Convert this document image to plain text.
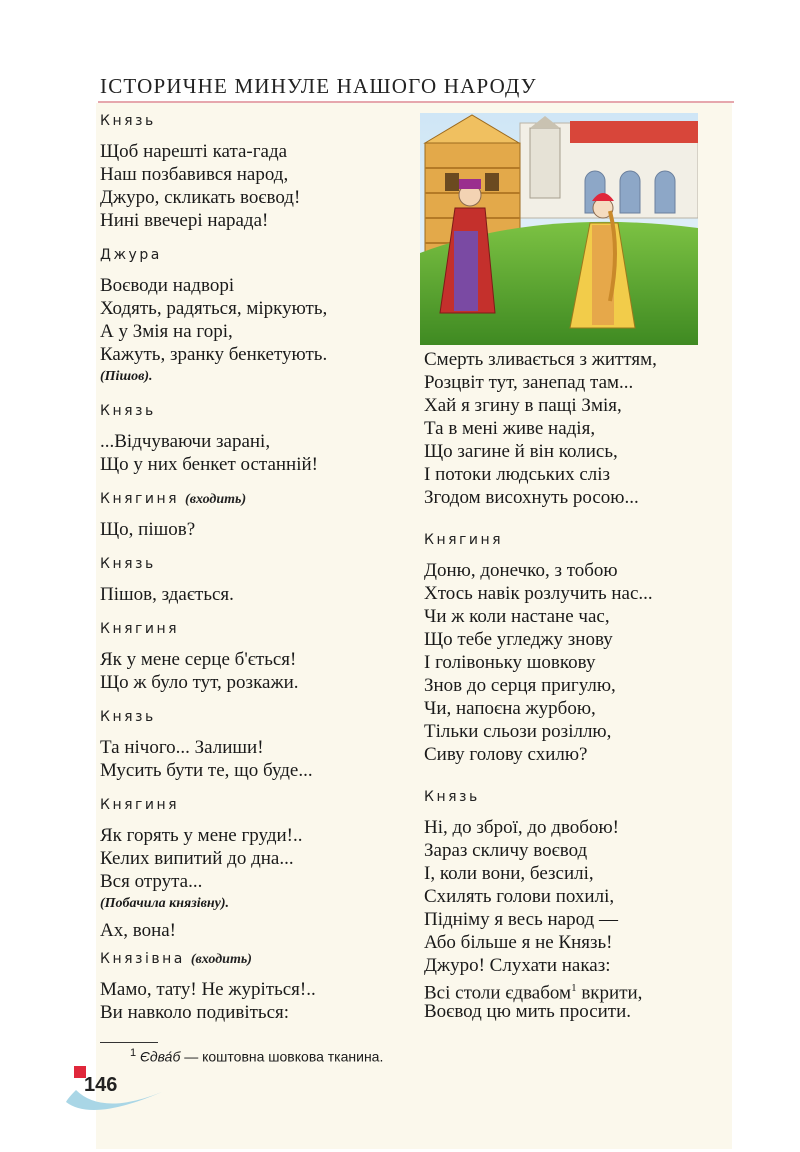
ІСТОРИЧНЕ МИНУЛЕ НАШОГО НАРОДУ
Князь
Щоб нарешті ката-гада
Наш позбавився народ,
Джуро, скликать воєвод!
Нині ввечері нарада!
Джура
Воєводи надворі
Ходять, радяться, міркують,
А у Змія на горі,
Кажуть, зранку бенкетують.
(Пішов).
Князь
...Відчуваючи зарані,
Що у них бенкет останній!
Княгиня (входить)
Що, пішов?
Князь
Пішов, здається.
Княгиня
Як у мене серце б'ється!
Що ж було тут, розкажи.
Князь
Та нічого... Залиши!
Мусить бути те, що буде...
Княгиня
Як горять у мене груди!..
Келих випитий до дна...
Вся отрута...
(Побачила князівну).
Ах, вона!
Князівна (входить)
Мамо, тату! Не журіться!..
Ви навколо подивіться:
Смерть зливається з життям,
Розцвіт тут, занепад там...
Хай я згину в пащі Змія,
Та в мені живе надія,
Що загине й він колись,
І потоки людських сліз
Згодом висохнуть росою...
Княгиня
Доню, донечко, з тобою
Хтось навік розлучить нас...
Чи ж коли настане час,
Що тебе угледжу знову
І голівоньку шовкову
Знов до серця пригулю,
Чи, напоєна журбою,
Тільки сльози розіллю,
Сиву голову схилю?
Князь
Ні, до зброї, до двобою!
Зараз скличу воєвод
І, коли вони, безсилі,
Схилять голови похилі,
Підніму я весь народ —
Або більше я не Князь!
Джуро! Слухати наказ:
Всі столи єдвабом$^1$ вкрити,
Воєвод цю мить просити.
$^1$ Єдва́б — коштовна шовкова тканина.
146
